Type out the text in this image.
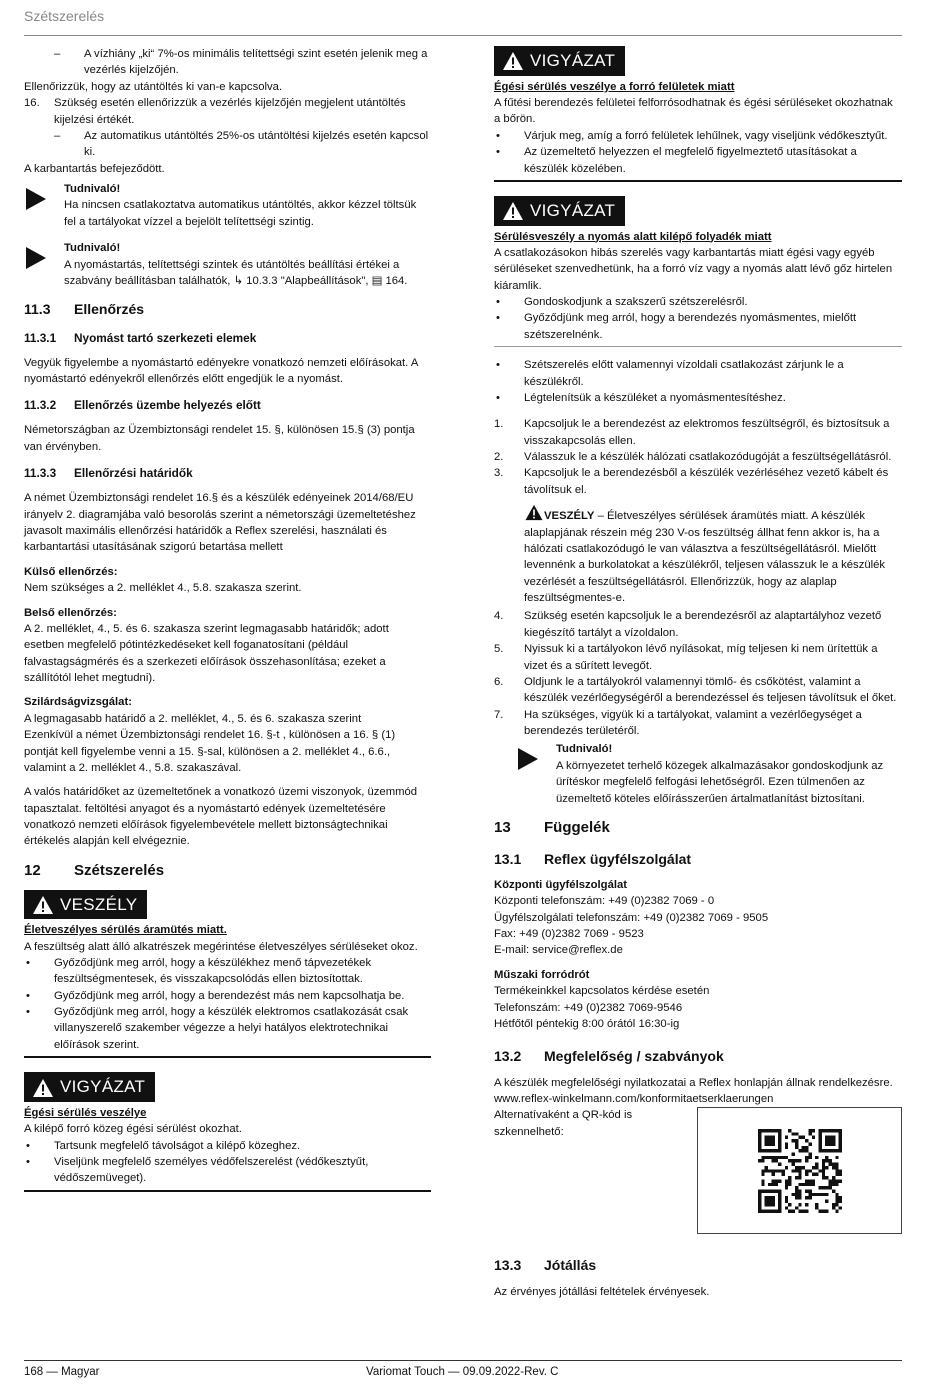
Szétszerelés
–	A vízhiány „ki“ 7%-os minimális telítettségi szint esetén jelenik meg a vezérlés kijelzőjén.

Ellenőrizzük, hogy az utántöltés ki van-e kapcsolva.

16.	Szükség esetén ellenőrizzük a vezérlés kijelzőjén megjelent utántöltés kijelzési értékét.
–	Az automatikus utántöltés 25%-os utántöltési kijelzés esetén kapcsol ki.

A karbantartás befejeződött.

Tudnivaló!

Ha nincsen csatlakoztatva automatikus utántöltés, akkor kézzel töltsük fel a tartályokat vízzel a bejelölt telítettségi szintig.

Tudnivaló!

A nyomástartás, telítettségi szintek és utántöltés beállítási értékei a szabvány beállításban találhatók, ↳ 10.3.3 "Alapbeállítások", ▤ 164.

11.3	Ellenőrzés
11.3.1	Nyomást tartó szerkezeti elemek

Vegyük figyelembe a nyomástartó edényekre vonatkozó nemzeti előírásokat. A nyomástartó edényekről ellenőrzés előtt engedjük le a nyomást.

11.3.2	Ellenőrzés üzembe helyezés előtt

Németországban az Üzembiztonsági rendelet 15. §, különösen 15.§ (3) pontja van érvényben.

11.3.3	Ellenőrzési határidők

A német Üzembiztonsági rendelet 16.§ és a készülék edényeinek 2014/68/EU irányelv 2. diagramjába való besorolás szerint a németországi üzemeltetéshez javasolt maximális ellenőrzési határidők a Reflex szerelési, használati és karbantartási utasításának szigorú betartása mellett

Külső ellenőrzés:

Nem szükséges a 2. melléklet 4., 5.8. szakasza szerint.

Belső ellenőrzés:

A 2. melléklet, 4., 5. és 6. szakasza szerint legmagasabb határidők; adott esetben megfelelő pótintézkedéseket kell foganatosítani (például falvastagságmérés és a szerkezeti előírások összehasonlítása; ezeket a szállítótól lehet megtudni).

Szilárdságvizsgálat:

A legmagasabb határidő a 2. melléklet, 4., 5. és 6. szakasza szerint

Ezenkívül a német Üzembiztonsági rendelet 16. §-t , különösen a 16. § (1) pontját kell figyelembe venni a 15. §-sal, különösen a 2. melléklet 4., 6.6., valamint a 2. melléklet 4., 5.8. szakaszával.

A valós határidőket az üzemeltetőnek a vonatkozó üzemi viszonyok, üzemmód tapasztalat. feltöltési anyagot és a nyomástartó edények üzemeltetésére vonatkozó nemzeti előírások figyelembevétele mellett biztonságtechnikai értékelés alapján kell elvégeznie.

12	Szétszerelés
VESZÉLY

Életveszélyes sérülés áramütés miatt.

A feszültség alatt álló alkatrészek megérintése életveszélyes sérüléseket okoz.

•	Győződjünk meg arról, hogy a készülékhez menő tápvezetékek feszültségmentesek, és visszakapcsolódás ellen biztosítottak.
•	Győződjünk meg arról, hogy a berendezést más nem kapcsolhatja be.
•	Győződjünk meg arról, hogy a készülék elektromos csatlakozását csak villanyszerelő szakember végezze a helyi hatályos elektrotechnikai előírások szerint.
VIGYÁZAT

Égési sérülés veszélye

A kilépő forró közeg égési sérülést okozhat.

•	Tartsunk megfelelő távolságot a kilépő közeghez.
•	Viseljünk megfelelő személyes védőfelszerelést (védőkesztyűt, védőszemüveget).
VIGYÁZAT

Égési sérülés veszélye a forró felületek miatt

A fűtési berendezés felületei felforrósodhatnak és égési sérüléseket okozhatnak a bőrön.

•	Várjuk meg, amíg a forró felületek lehűlnek, vagy viseljünk védőkesztyűt.
•	Az üzemeltető helyezzen el megfelelő figyelmeztető utasításokat a készülék közelében.
VIGYÁZAT

Sérülésveszély a nyomás alatt kilépő folyadék miatt

A csatlakozásokon hibás szerelés vagy karbantartás miatt égési vagy egyéb sérüléseket szenvedhetünk, ha a forró víz vagy a nyomás alatt lévő gőz hirtelen kiáramlik.

•	Gondoskodjunk a szakszerű szétszerelésről.
•	Győződjünk meg arról, hogy a berendezés nyomásmentes, mielőtt szétszerelnénk.
•	Szétszerelés előtt valamennyi vízoldali csatlakozást zárjunk le a készülékről.
•	Légtelenítsük a készüléket a nyomásmentesítéshez.
1.	Kapcsoljuk le a berendezést az elektromos feszültségről, és biztosítsuk a visszakapcsolás ellen.
2.	Válasszuk le a készülék hálózati csatlakozódugóját a feszültségellátásról.
3.	Kapcsoljuk le a berendezésből a készülék vezérléséhez vezető kábelt és távolítsuk el.
VESZÉLY – Életveszélyes sérülések áramütés miatt. A készülék alaplapjának részein még 230 V-os feszültség állhat fenn akkor is, ha a hálózati csatlakozódugó le van választva a feszültségellátásról. Mielőtt levennénk a burkolatokat a készülékről, teljesen válasszuk le a készülék vezérlését a feszültségellátásról. Ellenőrizzük, hogy az alaplap feszültségmentes-e.
4.	Szükség esetén kapcsoljuk le a berendezésről az alaptartályhoz vezető kiegészítő tartályt a vízoldalon.
5.	Nyissuk ki a tartályokon lévő nyílásokat, míg teljesen ki nem ürítettük a vizet és a sűrített levegőt.
6.	Oldjunk le a tartályokról valamennyi tömlő- és csőkötést, valamint a készülék vezérlőegységéről a berendezéssel és teljesen távolítsuk el őket.
7.	Ha szükséges, vigyük ki a tartályokat, valamint a vezérlőegységet a berendezés területéről.

Tudnivaló!

A környezetet terhelő közegek alkalmazásakor gondoskodjunk az ürítéskor megfelelő felfogási lehetőségről. Ezen túlmenően az üzemeltető köteles előírásszerűen ártalmatlanítást biztosítani.

13	Függelék
13.1	Reflex ügyfélszolgálat

Központi ügyfélszolgálat

Központi telefonszám: +49 (0)2382 7069 - 0

Ügyfélszolgálati telefonszám: +49 (0)2382 7069 - 9505

Fax: +49 (0)2382 7069 - 9523

E-mail: service@reflex.de

Műszaki forródrót

Termékeinkkel kapcsolatos kérdése esetén

Telefonszám: +49 (0)2382 7069-9546

Hétfőtől péntekig 8:00 órától 16:30-ig

13.2	Megfelelőség / szabványok

A készülék megfelelőségi nyilatkozatai a Reflex honlapján állnak rendelkezésre.

www.reflex-winkelmann.com/konformitaetserklaerungen

Alternatívaként a QR-kód is szkennelhető:

13.3	Jótállás

Az érvényes jótállási feltételek érvényesek.

168 — Magyar	Variomat Touch — 09.09.2022-Rev. C
